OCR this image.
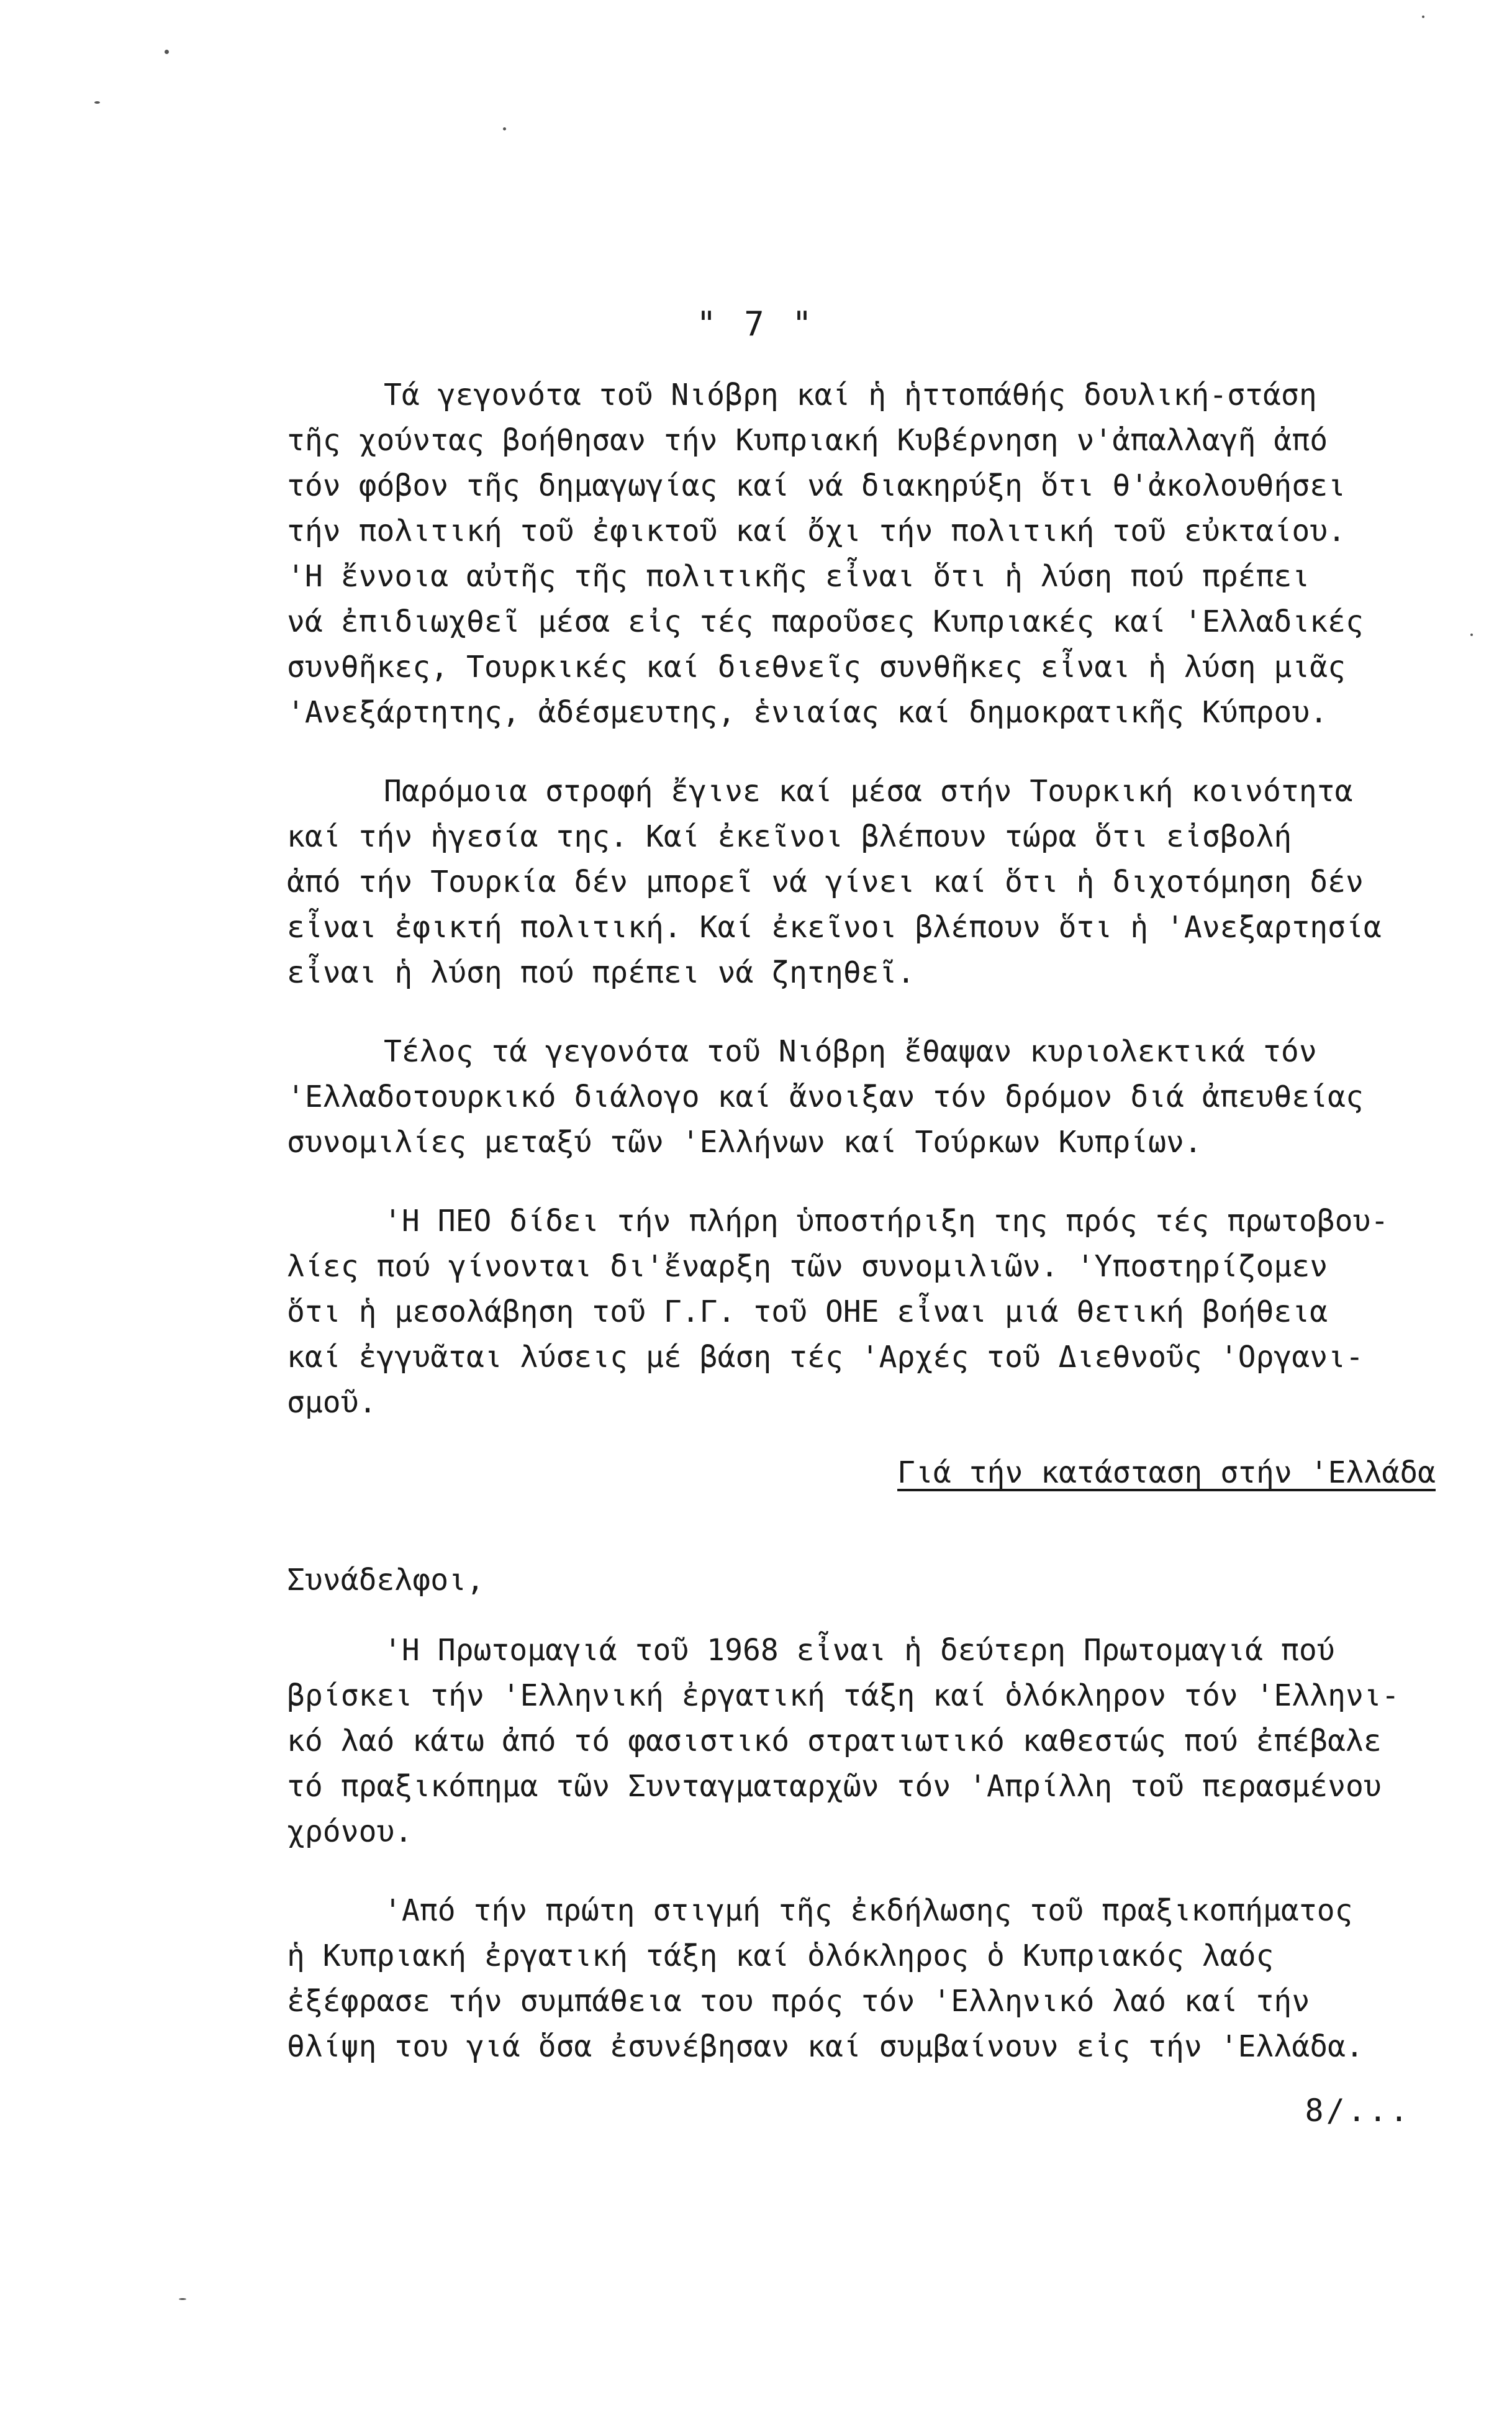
" 7 "
Τά γεγονότα τοῦ Νιόβρη καί ἡ ἡττοπάθής δουλική-στάση
τῆς χούντας βοήθησαν τήν Κυπριακή Κυβέρνηση ν'ἀπαλλαγῆ ἀπό
τόν φόβον τῆς δημαγωγίας καί νά διακηρύξη ὅτι θ'ἀκολουθήσει
τήν πολιτική τοῦ ἐφικτοῦ καί ὄχι τήν πολιτική τοῦ εὐκταίου.
'Η ἔννοια αὐτῆς τῆς πολιτικῆς εἶναι ὅτι ἡ λύση πού πρέπει
νά ἐπιδιωχθεῖ μέσα εἰς τές παροῦσες Κυπριακές καί 'Ελλαδικές
συνθῆκες, Τουρκικές καί διεθνεῖς συνθῆκες εἶναι ἡ λύση μιᾶς
'Ανεξάρτητης, ἀδέσμευτης, ἑνιαίας καί δημοκρατικῆς Κύπρου.
Παρόμοια στροφή ἔγινε καί μέσα στήν Τουρκική κοινότητα
καί τήν ἡγεσία της. Καί ἐκεῖνοι βλέπουν τώρα ὅτι εἰσβολή
ἀπό τήν Τουρκία δέν μπορεῖ νά γίνει καί ὅτι ἡ διχοτόμηση δέν
εἶναι ἐφικτή πολιτική. Καί ἐκεῖνοι βλέπουν ὅτι ἡ 'Ανεξαρτησία
εἶναι ἡ λύση πού πρέπει νά ζητηθεῖ.
Τέλος τά γεγονότα τοῦ Νιόβρη ἔθαψαν κυριολεκτικά τόν
'Ελλαδοτουρκικό διάλογο καί ἄνοιξαν τόν δρόμον διά ἀπευθείας
συνομιλίες μεταξύ τῶν 'Ελλήνων καί Τούρκων Κυπρίων.
'Η ΠΕΟ δίδει τήν πλήρη ὑποστήριξη της πρός τές πρωτοβου-
λίες πού γίνονται δι'ἔναρξη τῶν συνομιλιῶν. 'Υποστηρίζομεν
ὅτι ἡ μεσολάβηση τοῦ Γ.Γ. τοῦ ΟΗΕ εἶναι μιά θετική βοήθεια
καί ἐγγυᾶται λύσεις μέ βάση τές 'Αρχές τοῦ Διεθνοῦς 'Οργανι-
σμοῦ.
Γιά τήν κατάσταση στήν 'Ελλάδα
Συνάδελφοι,
'Η Πρωτομαγιά τοῦ 1968 εἶναι ἡ δεύτερη Πρωτομαγιά πού
βρίσκει τήν 'Ελληνική ἐργατική τάξη καί ὁλόκληρον τόν 'Ελληνι-
κό λαό κάτω ἀπό τό φασιστικό στρατιωτικό καθεστώς πού ἐπέβαλε
τό πραξικόπημα τῶν Συνταγματαρχῶν τόν 'Απρίλλη τοῦ περασμένου
χρόνου.
'Από τήν πρώτη στιγμή τῆς ἐκδήλωσης τοῦ πραξικοπήματος
ἡ Κυπριακή ἐργατική τάξη καί ὁλόκληρος ὁ Κυπριακός λαός
ἐξέφρασε τήν συμπάθεια του πρός τόν 'Ελληνικό λαό καί τήν
θλίψη του γιά ὅσα ἐσυνέβησαν καί συμβαίνουν εἰς τήν 'Ελλάδα.
8/...
